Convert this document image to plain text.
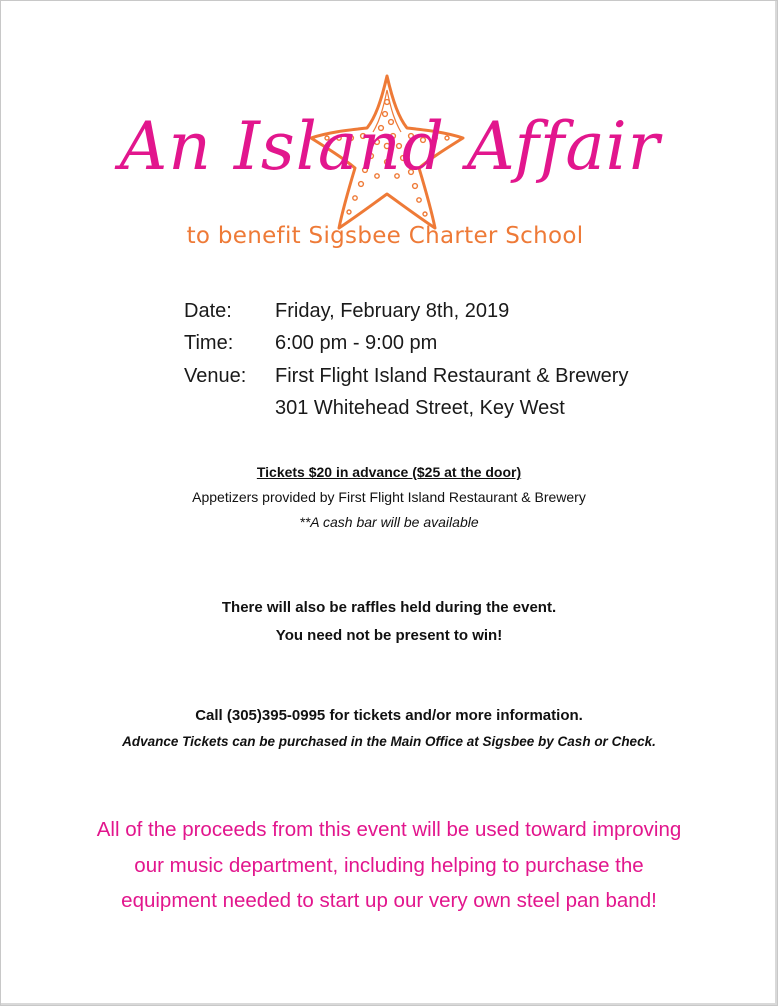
An Island Affair
to benefit Sigsbee Charter School
Date:	Friday, February 8th, 2019
Time:	6:00 pm - 9:00 pm
Venue:	First Flight Island Restaurant & Brewery
	301 Whitehead Street, Key West
Tickets $20 in advance ($25 at the door)
Appetizers provided by First Flight Island Restaurant & Brewery
**A cash bar will be available
There will also be raffles held during the event.
You need not be present to win!
Call (305)395-0995 for tickets and/or more information.
Advance Tickets can be purchased in the Main Office at Sigsbee by Cash or Check.
All of the proceeds from this event will be used toward improving
our music department, including helping to purchase the
equipment needed to start up our very own steel pan band!
